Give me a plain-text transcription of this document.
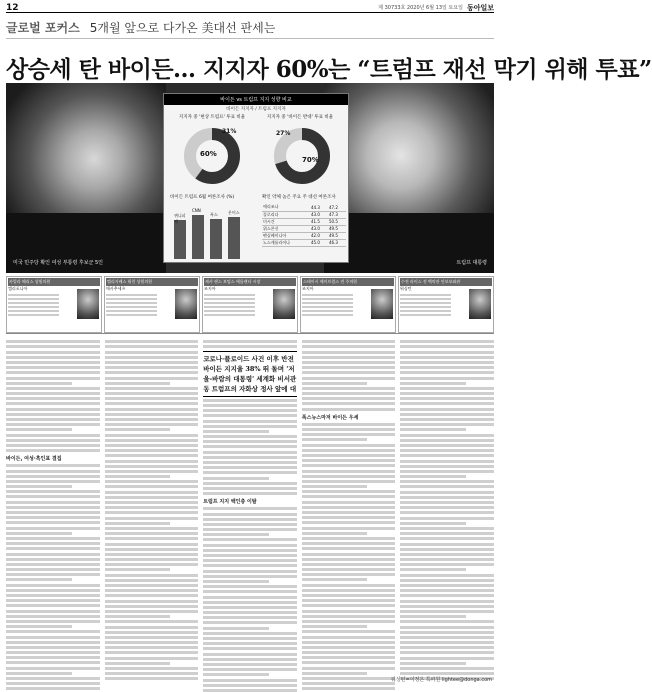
12	제 30733호 2020년 6월 13일 토요일 동아일보
글로벌 포커스 5개월 앞으로 다가온 美대선 판세는
상승세 탄 바이든… 지지자 60%는 “트럼프 재선 막기 위해 투표”
미국 민주당 확인 여성 부통령 후보군 5인	트럼프 대통령
바이든 vs 트럼프 지지 성향 비교
바이든 지지자 / 트럼프 지지자
지지자 중 '현상 트럼프' 투표 비율	지지자 중 '바이든 반대' 투표 비율
60%
31%
70%
27%
바이든 트럼프 6월 여론조사 (%)	확인 약체 높은 주요 주 대선 여론조사
퀴니피액
CNN
폭스	몬머스
애리조나	44.3	47.2
플로리다	43.0	47.3
미시간	41.5	50.5
위스콘신	43.0	49.5
펜실베이니아	42.0	49.5
노스캐롤라이나	45.0	46.3
카멀라 해리스 상원의원
캘리포니아
엘리자베스 워런 상원의원
매사추세츠
케샤 랜스 보텀스 애틀랜타 시장
조지아
스테이시 에이브럼스 전 주의원
조지아
수전 라이스 전 백악관 안보보좌관
워싱턴
바이든, 여성·흑인표 결집
코로나·플로이드 사건 이후 반전 바이든 지지율 38% 뛰 돌며 '저울-바람의 대통령' 세계화 비서관 동 트럼프의 자화상 정사 앞에 대
트럼프 지지 백인층 이탈
폭스뉴스마저 바이든 우세
워싱턴=이정은 특파원 lightee@donga.com
